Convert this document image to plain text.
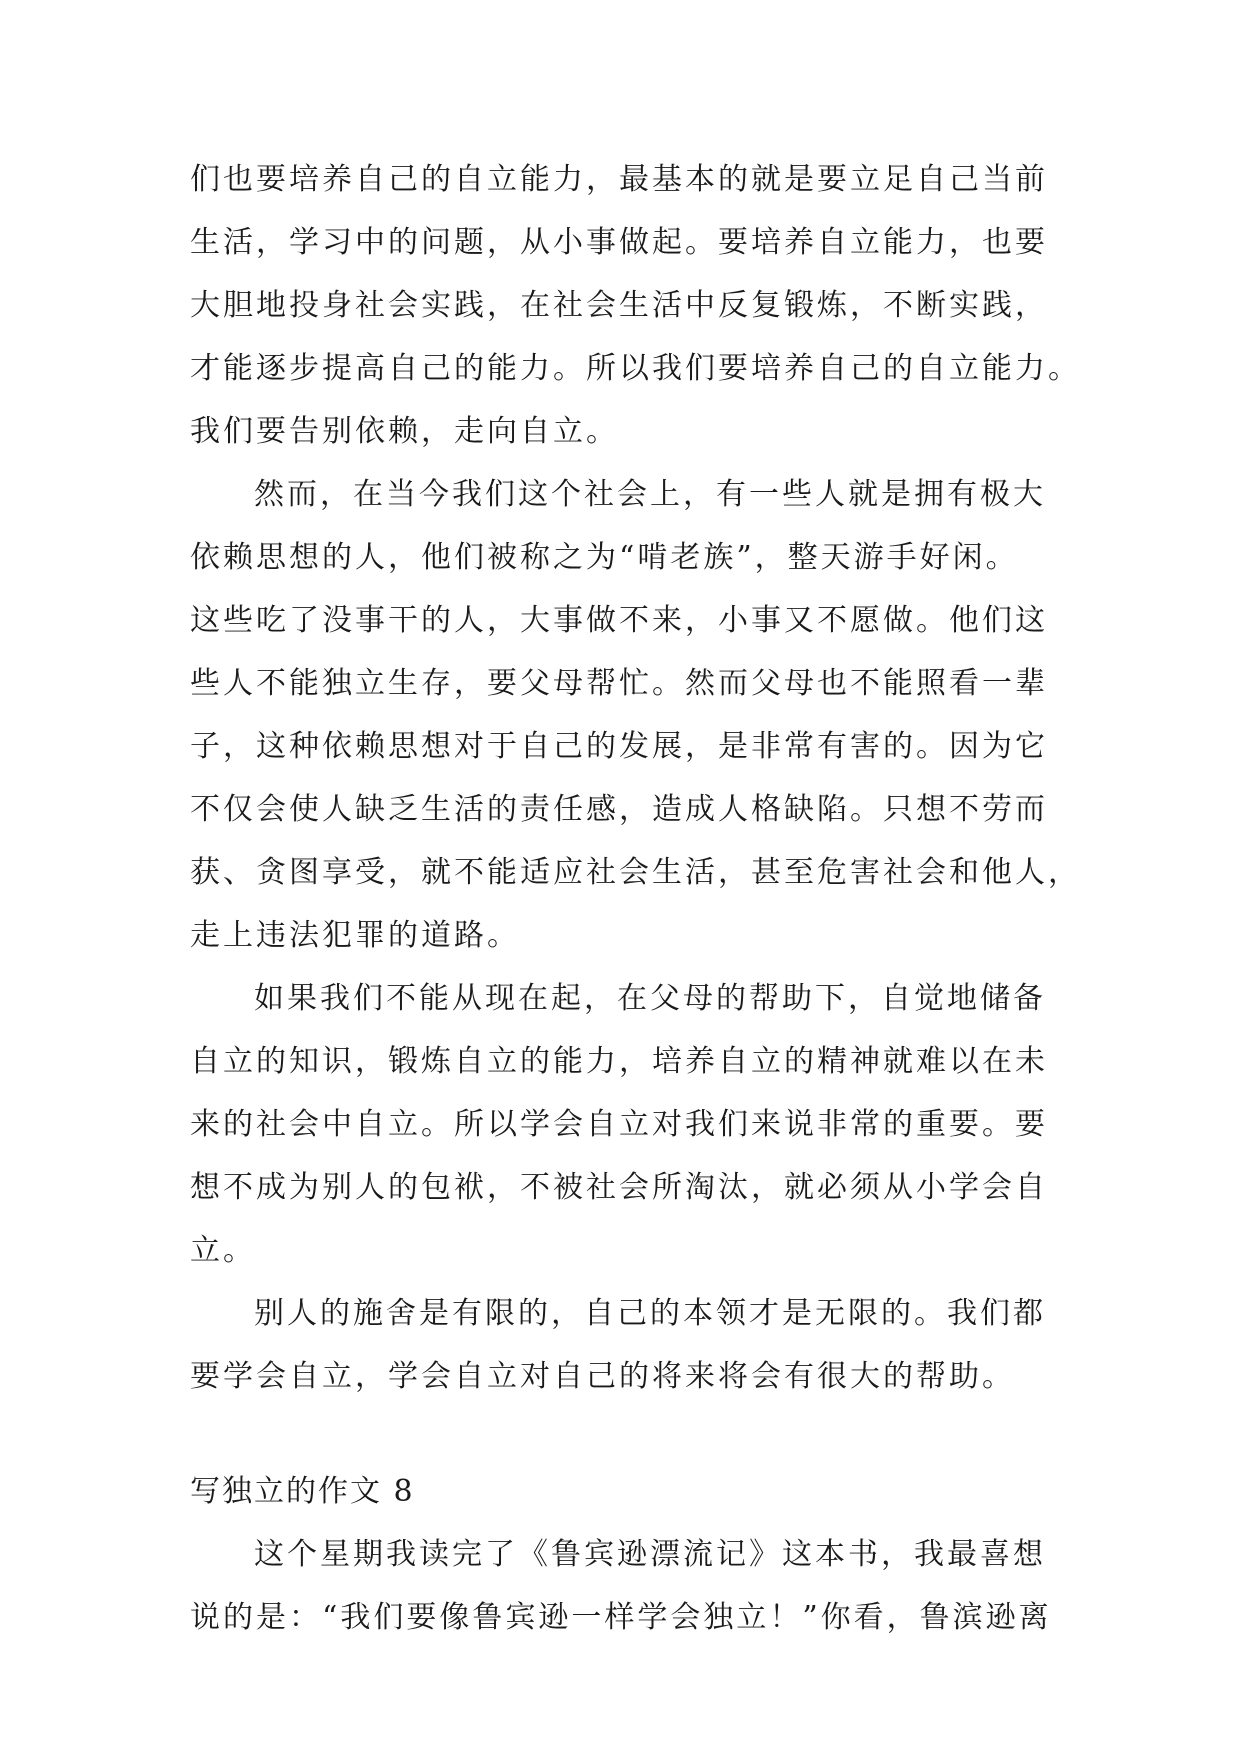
们也要培养自己的自立能力，最基本的就是要立足自己当前
生活，学习中的问题，从小事做起。要培养自立能力，也要
大胆地投身社会实践，在社会生活中反复锻炼，不断实践，
才能逐步提高自己的能力。所以我们要培养自己的自立能力。
我们要告别依赖，走向自立。
然而，在当今我们这个社会上，有一些人就是拥有极大
依赖思想的人，他们被称之为“啃老族”，整天游手好闲。
这些吃了没事干的人，大事做不来，小事又不愿做。他们这
些人不能独立生存，要父母帮忙。然而父母也不能照看一辈
子，这种依赖思想对于自己的发展，是非常有害的。因为它
不仅会使人缺乏生活的责任感，造成人格缺陷。只想不劳而
获、贪图享受，就不能适应社会生活，甚至危害社会和他人，
走上违法犯罪的道路。
如果我们不能从现在起，在父母的帮助下，自觉地储备
自立的知识，锻炼自立的能力，培养自立的精神就难以在未
来的社会中自立。所以学会自立对我们来说非常的重要。要
想不成为别人的包袱，不被社会所淘汰，就必须从小学会自
立。
别人的施舍是有限的，自己的本领才是无限的。我们都
要学会自立，学会自立对自己的将来将会有很大的帮助。
写独立的作文 8
这个星期我读完了《鲁宾逊漂流记》这本书，我最喜想
说的是：“我们要像鲁宾逊一样学会独立！”你看，鲁滨逊离
